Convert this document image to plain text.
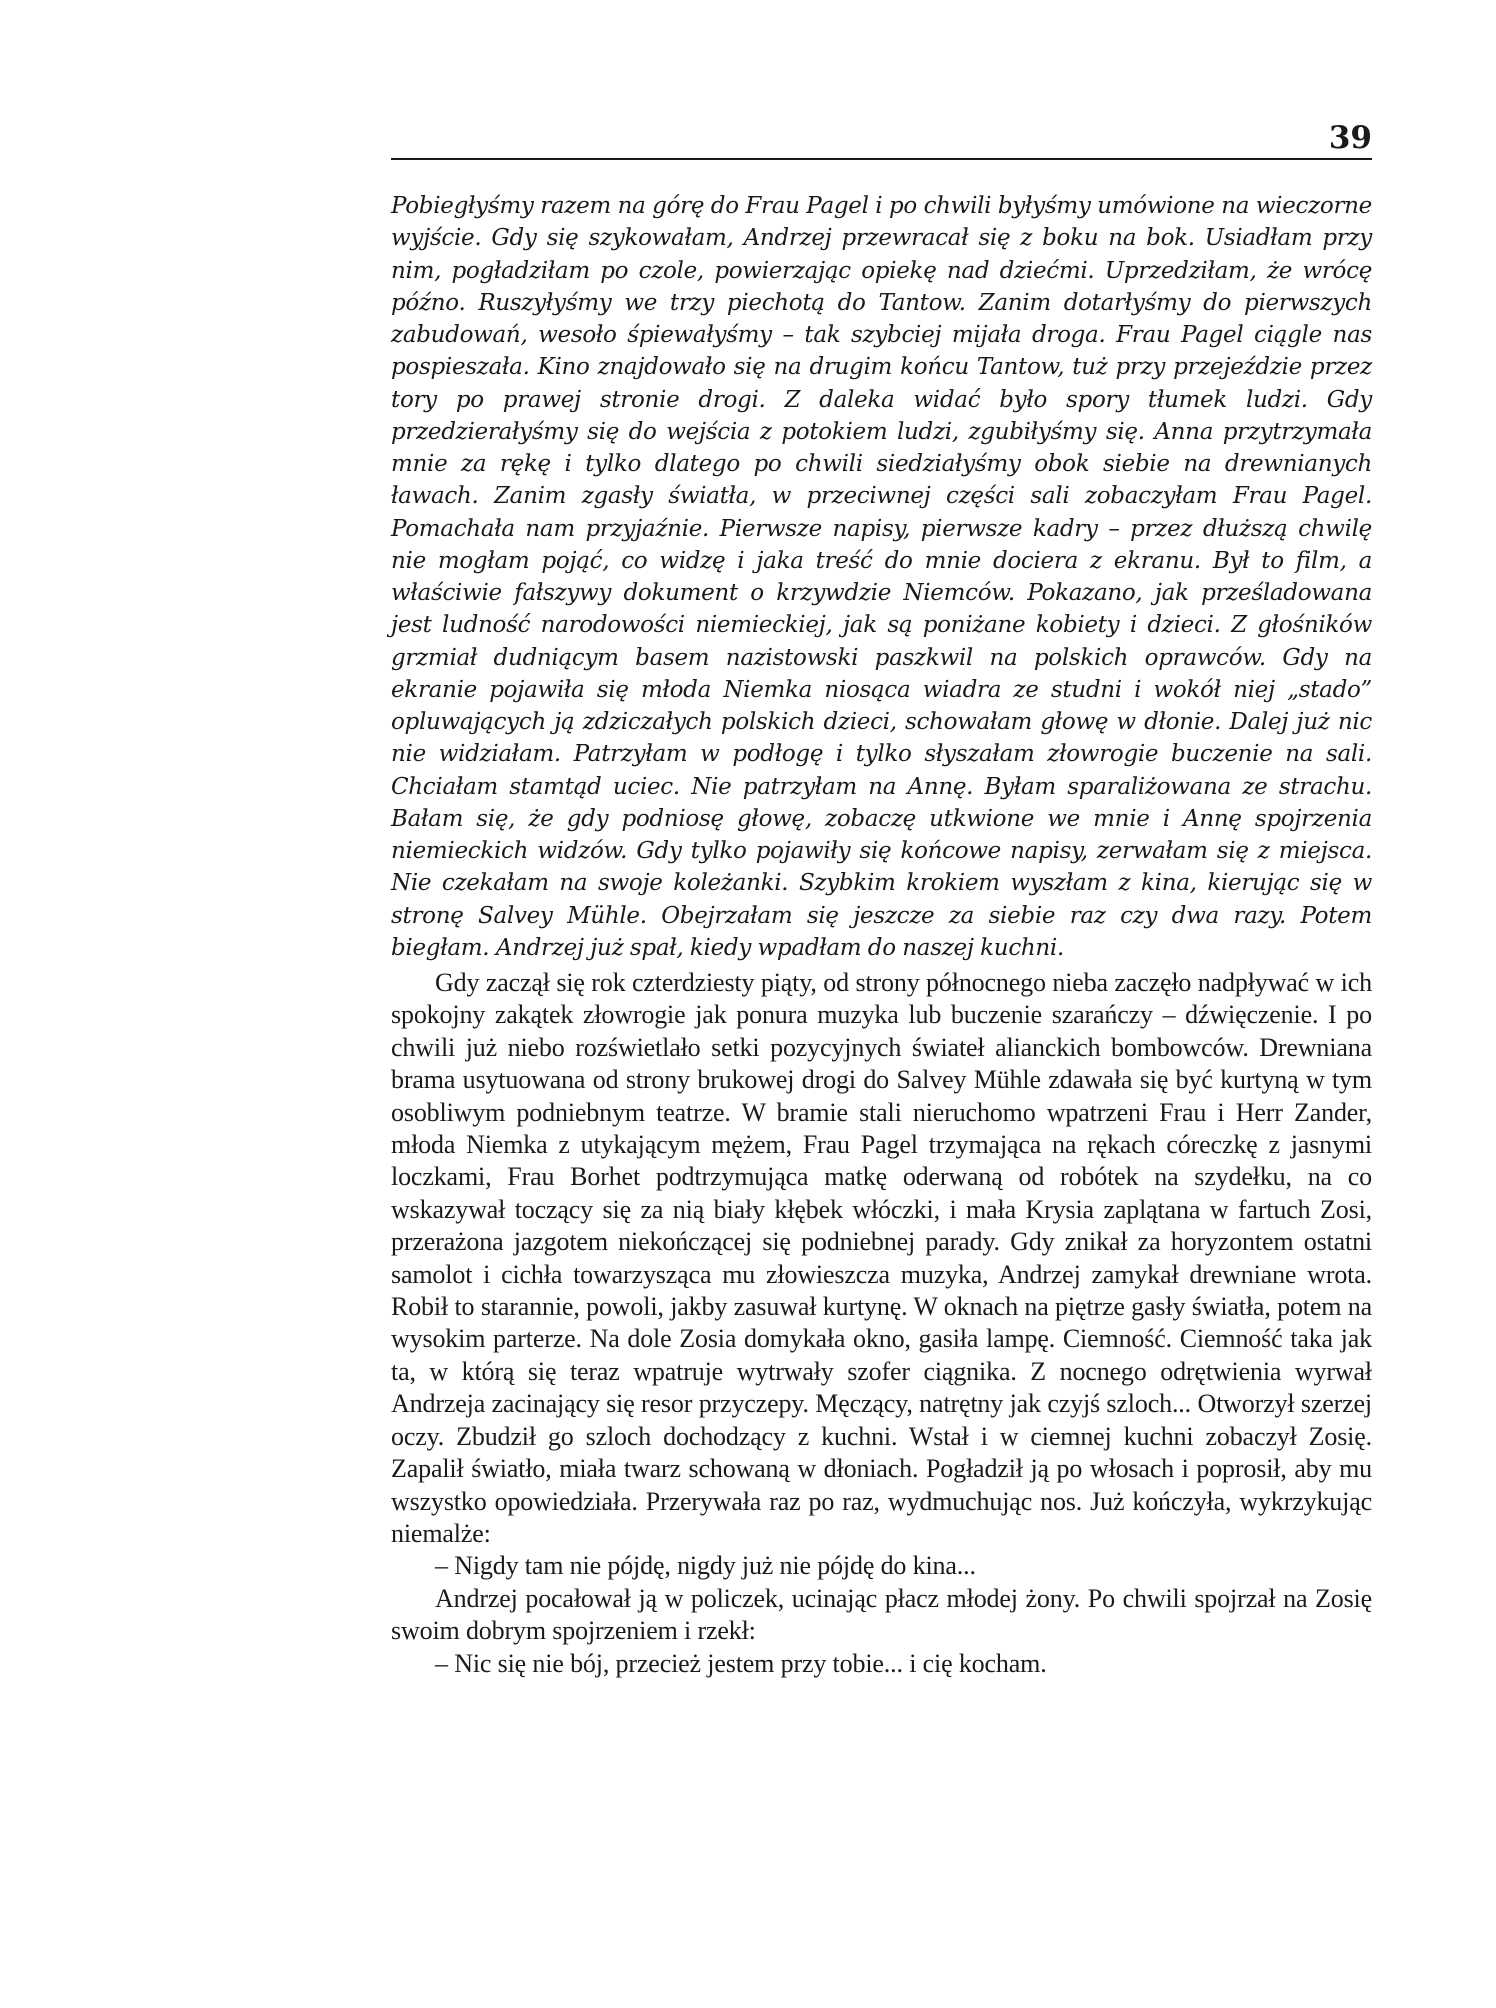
39

Pobiegłyśmy razem na górę do Frau Pagel i po chwili byłyśmy umówione na wieczorne wyjście. Gdy się szykowałam, Andrzej przewracał się z boku na bok. Usiadłam przy nim, pogładziłam po czole, powierzając opiekę nad dziećmi. Uprzedziłam, że wrócę późno. Ruszyłyśmy we trzy piechotą do Tantow. Zanim dotarłyśmy do pierwszych zabudowań, wesoło śpiewałyśmy – tak szybciej mijała droga. Frau Pagel ciągle nas pospieszała. Kino znajdowało się na drugim końcu Tantow, tuż przy przejeździe przez tory po prawej stronie drogi. Z daleka widać było spory tłumek ludzi. Gdy przedzierałyśmy się do wejścia z potokiem ludzi, zgubiłyśmy się. Anna przytrzymała mnie za rękę i tylko dlatego po chwili siedziałyśmy obok siebie na drewnianych ławach. Zanim zgasły światła, w przeciwnej części sali zobaczyłam Frau Pagel. Pomachała nam przyjaźnie. Pierwsze napisy, pierwsze kadry – przez dłuższą chwilę nie mogłam pojąć, co widzę i jaka treść do mnie dociera z ekranu. Był to film, a właściwie fałszywy dokument o krzywdzie Niemców. Pokazano, jak prześladowana jest ludność narodowości niemieckiej, jak są poniżane kobiety i dzieci. Z głośników grzmiał dudniącym basem nazistowski paszkwil na polskich oprawców. Gdy na ekranie pojawiła się młoda Niemka niosąca wiadra ze studni i wokół niej „stado” opluwających ją zdziczałych polskich dzieci, schowałam głowę w dłonie. Dalej już nic nie widziałam. Patrzyłam w podłogę i tylko słyszałam złowrogie buczenie na sali. Chciałam stamtąd uciec. Nie patrzyłam na Annę. Byłam sparaliżowana ze strachu. Bałam się, że gdy podniosę głowę, zobaczę utkwione we mnie i Annę spojrzenia niemieckich widzów. Gdy tylko pojawiły się końcowe napisy, zerwałam się z miejsca. Nie czekałam na swoje koleżanki. Szybkim krokiem wyszłam z kina, kierując się w stronę Salvey Mühle. Obejrzałam się jeszcze za siebie raz czy dwa razy. Potem biegłam. Andrzej już spał, kiedy wpadłam do naszej kuchni.

Gdy zaczął się rok czterdziesty piąty, od strony północnego nieba zaczęło nadpływać w ich spokojny zakątek złowrogie jak ponura muzyka lub buczenie szarańczy – dźwięczenie. I po chwili już niebo rozświetlało setki pozycyjnych świateł alianckich bombowców. Drewniana brama usytuowana od strony brukowej drogi do Salvey Mühle zdawała się być kurtyną w tym osobliwym podniebnym teatrze. W bramie stali nieruchomo wpatrzeni Frau i Herr Zander, młoda Niemka z utykającym mężem, Frau Pagel trzymająca na rękach córeczkę z jasnymi loczkami, Frau Borhet podtrzymująca matkę oderwaną od robótek na szydełku, na co wskazywał toczący się za nią biały kłębek włóczki, i mała Krysia zaplątana w fartuch Zosi, przerażona jazgotem niekończącej się podniebnej parady. Gdy znikał za horyzontem ostatni samolot i cichła towarzysząca mu złowieszcza muzyka, Andrzej zamykał drewniane wrota. Robił to starannie, powoli, jakby zasuwał kurtynę. W oknach na piętrze gasły światła, potem na wysokim parterze. Na dole Zosia domykała okno, gasiła lampę. Ciemność. Ciemność taka jak ta, w którą się teraz wpatruje wytrwały szofer ciągnika. Z nocnego odrętwienia wyrwał Andrzeja zacinający się resor przyczepy. Męczący, natrętny jak czyjś szloch... Otworzył szerzej oczy. Zbudził go szloch dochodzący z kuchni. Wstał i w ciemnej kuchni zobaczył Zosię. Zapalił światło, miała twarz schowaną w dłoniach. Pogładził ją po włosach i poprosił, aby mu wszystko opowiedziała. Przerywała raz po raz, wydmuchując nos. Już kończyła, wykrzykując niemalże:

– Nigdy tam nie pójdę, nigdy już nie pójdę do kina...

Andrzej pocałował ją w policzek, ucinając płacz młodej żony. Po chwili spojrzał na Zosię swoim dobrym spojrzeniem i rzekł:

– Nic się nie bój, przecież jestem przy tobie... i cię kocham.
